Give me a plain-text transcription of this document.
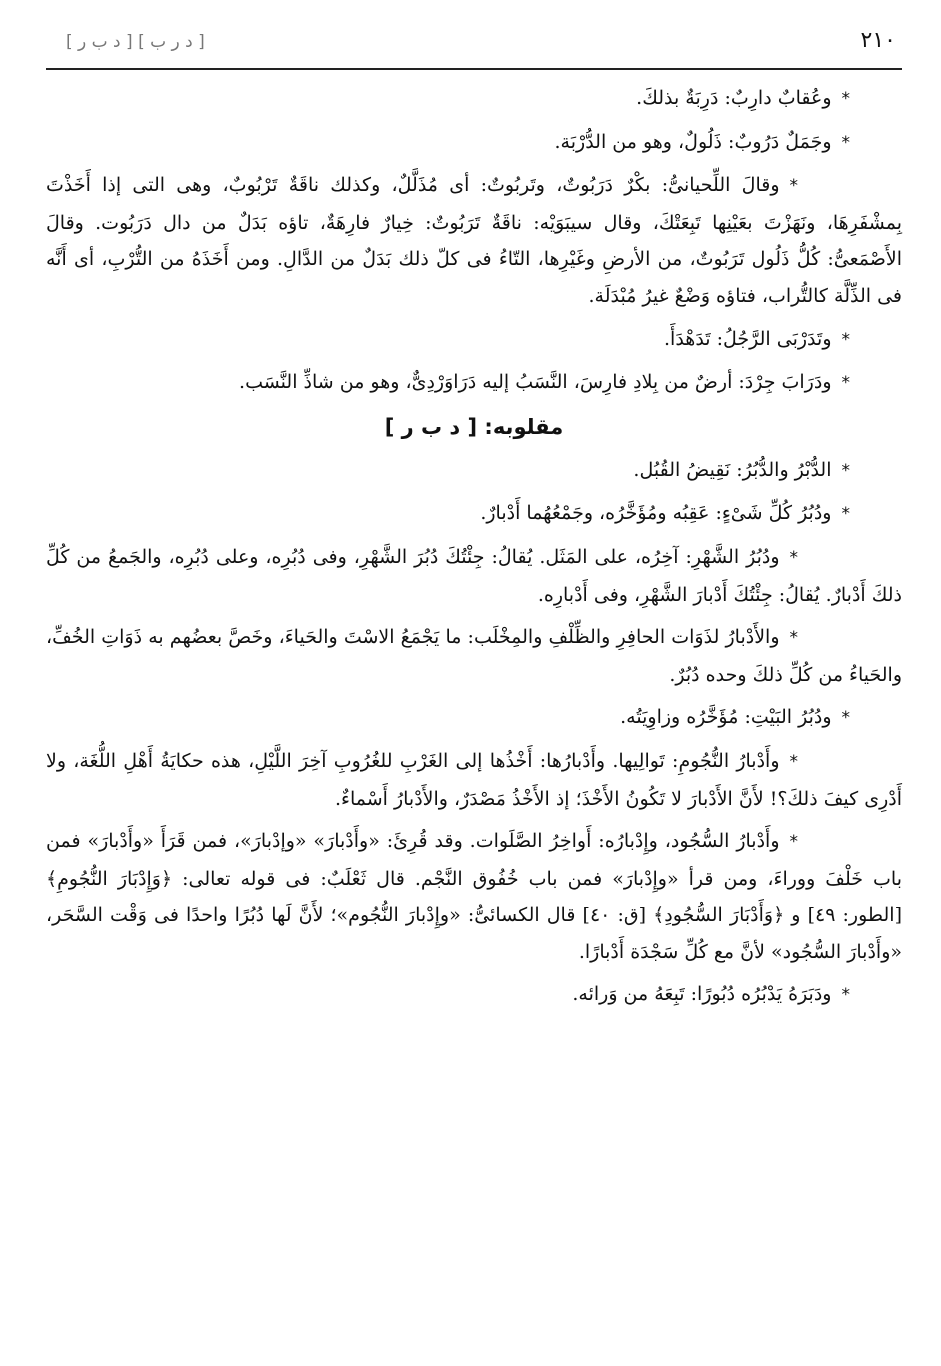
٢١٠
[ د ر ب ] [ د ب ر ]

*وعُقابٌ دارِبٌ: دَرِبَةٌ بذلكَ.

*وجَمَلٌ دَرُوبٌ: ذَلُولٌ، وهو من الدُّرْبَة.

*وقالَ اللِّحيانىُّ: بكْرٌ دَرَبُوتٌ، وتَربُوتٌ: أى مُذَلَّلٌ، وكذلك ناقَةٌ تَرْبُوبٌ، وهى التى إذا أَخَذْتَ بِمشْفَرِهَا، ونَهَزْتَ بعَيْنِها تَبِعَتْكَ، وقال سيبَوَيْه: ناقَةٌ تَرَبُوتٌ: خِيارٌ فارِهَةٌ، تاؤه بَدَلٌ من دال دَرَبُوت. وقالَ الأَصْمَعىُّ: كُلُّ ذَلُول تَرَبُوتٌ، من الأرضِ وغَيْرِها، التّاءُ فى كلّ ذلك بَدَلٌ من الدَّالِ. ومن أَخَذَهُ من التُّرْبِ، أى أَنَّه فى الذِّلَّة كالتُّراب، فتاؤه وَضْعٌ غيرُ مُبْدَلَة.

*وتَدَرْبَى الرَّجُلُ: تَدَهْدَأَ.

*ودَرَابَ جِرْدَ: أرضٌ من بِلادِ فارِسَ، النَّسَبُ إليه دَرَاوَرْدِىٌّ، وهو من شاذِّ النَّسَب.

مقلوبه: [ د ب ر ]

*الدُّبْرُ والدُّبُرُ: نَقِيضُ القُبُل.

*ودُبُرُ كُلِّ شَىْءٍ: عَقِبُه ومُؤَخَّرُه، وجَمْعُهُما أَدْبارٌ.

*ودُبُرُ الشَّهْرِ: آخِرُه، على المَثَل. يُقالُ: جِئْتُكَ دُبُرَ الشَّهْرِ، وفى دُبُرِه، وعلى دُبُرِه، والجَمعُ من كُلِّ ذلكَ أَدْبارٌ. يُقالُ: جِئْتُكَ أَدْبارَ الشَّهْرِ، وفى أَدْبارِه.

*والأَدْبارُ لذَوَات الحافِرِ والظِّلْفِ والمِخْلَب: ما يَجْمَعُ الاسْتَ والحَياءَ، وخَصَّ بعضُهم به ذَوَاتِ الخُفِّ، والحَياءُ من كُلِّ ذلكَ وحده دُبُرٌ.

*ودُبُرُ البَيْتِ: مُؤَخَّرُه وزاوِيَتُه.

*وأَدْبارُ النُّجُومِ: تَوالِيها. وأَدْبارُها: أَخْذُها إلى الغَرْبِ للغُرُوبِ آخِرَ اللَّيْلِ، هذه حكايَةُ أَهْلِ اللُّغَة، ولا أَدْرِى كيفَ ذلكَ؟! لأَنَّ الأَدْبارَ لا تَكُونُ الأَخْذَ؛ إذ الأَخْذُ مَصْدَرٌ، والأَدْبارُ أَسْماءٌ.

*وأَدْبارُ السُّجُود، وإِدْبارُه: أَواخِرُ الصَّلَوات. وقد قُرِئَ: «وأَدْبارَ» «وإدْبارَ»، فمن قَرَأَ «وأَدْبارَ» فمن باب خَلْفَ ووراءَ، ومن قرأ «وإِدْبارَ» فمن باب خُفُوق النَّجْم. قال ثَعْلَبٌ: فى قوله تعالى: ﴿وَإِدْبَارَ النُّجُومِ﴾ [الطور: ٤٩] و ﴿وَأَدْبَارَ السُّجُودِ﴾ [ق: ٤٠] قال الكسائىُّ: «وإِدْبارَ النُّجُوم»؛ لأَنَّ لَها دُبُرًا واحدًا فى وَقْت السَّحَر، «وأَدْبارَ السُّجُود» لأنَّ مع كُلِّ سَجْدَة أَدْبارًا.

*ودَبَرَهُ يَدْبُرُه دُبُورًا: تَبِعَهُ من وَرائه.
